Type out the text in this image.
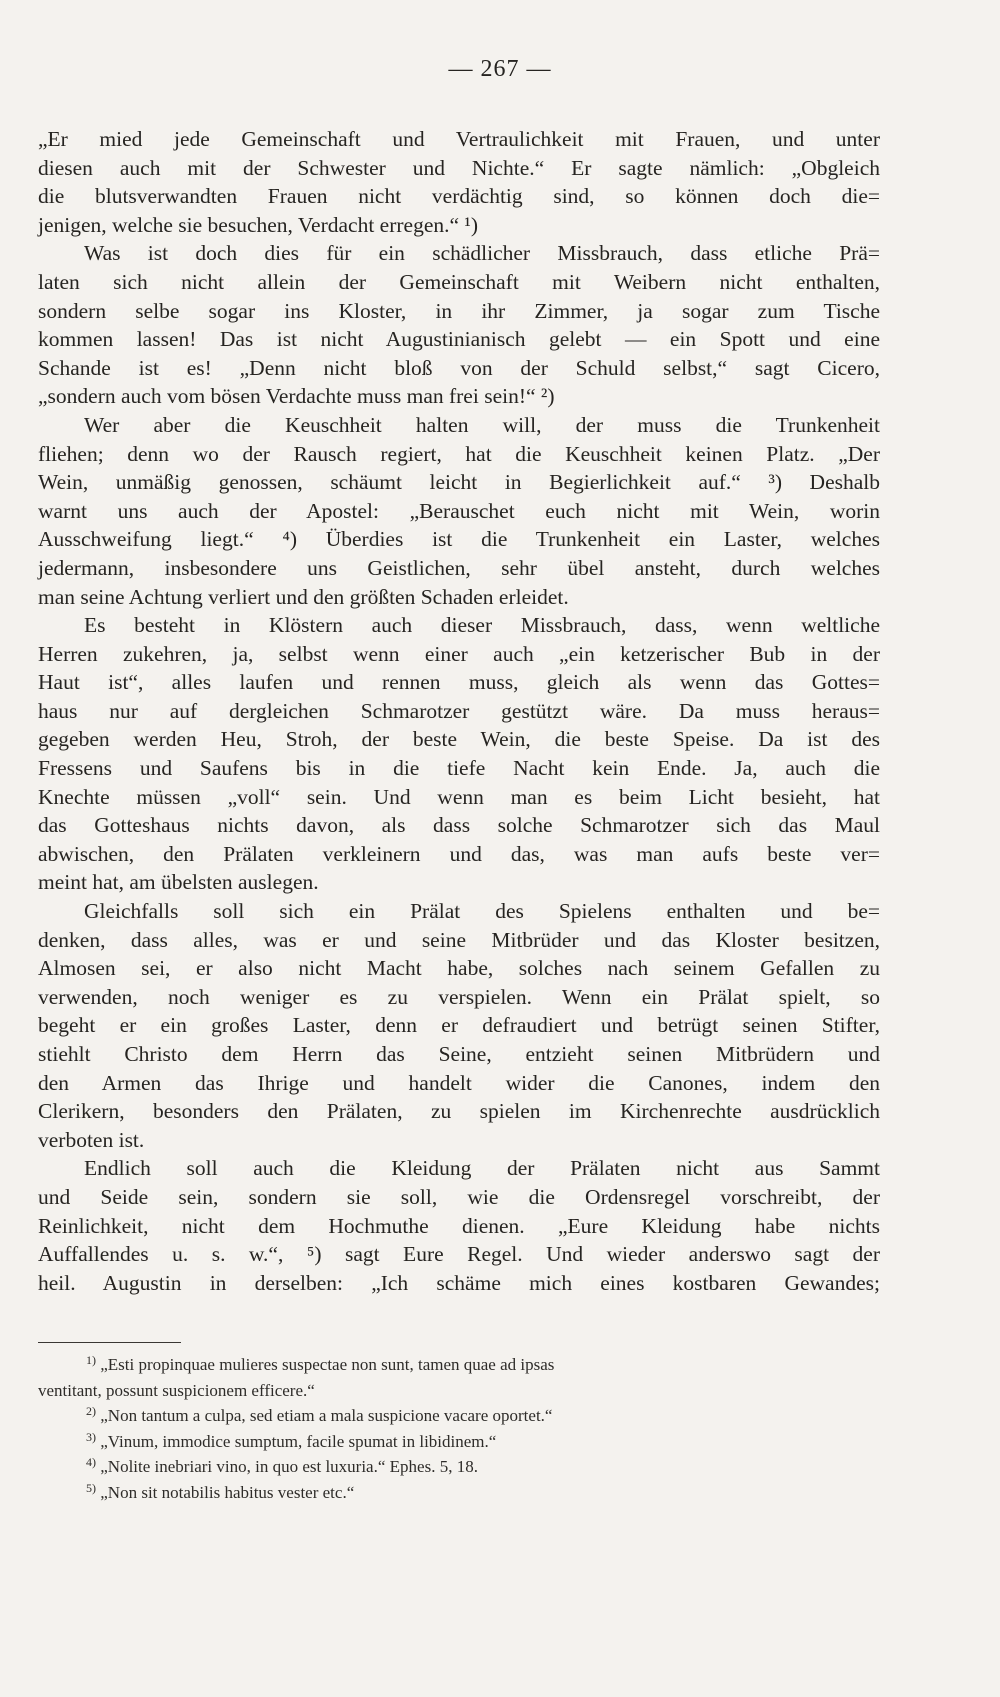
— 267 —
„Er mied jede Gemeinschaft und Vertraulichkeit mit Frauen, und unter
diesen auch mit der Schwester und Nichte.“ Er sagte nämlich: „Obgleich
die blutsverwandten Frauen nicht verdächtig sind, so können doch die=
jenigen, welche sie besuchen, Verdacht erregen.“ ¹)
Was ist doch dies für ein schädlicher Missbrauch, dass etliche Prä=
laten sich nicht allein der Gemeinschaft mit Weibern nicht enthalten,
sondern selbe sogar ins Kloster, in ihr Zimmer, ja sogar zum Tische
kommen lassen! Das ist nicht Augustinianisch gelebt — ein Spott und eine
Schande ist es! „Denn nicht bloß von der Schuld selbst,“ sagt Cicero,
„sondern auch vom bösen Verdachte muss man frei sein!“ ²)
Wer aber die Keuschheit halten will, der muss die Trunkenheit
fliehen; denn wo der Rausch regiert, hat die Keuschheit keinen Platz. „Der
Wein, unmäßig genossen, schäumt leicht in Begierlichkeit auf.“ ³) Deshalb
warnt uns auch der Apostel: „Berauschet euch nicht mit Wein, worin
Ausschweifung liegt.“ ⁴) Überdies ist die Trunkenheit ein Laster, welches
jedermann, insbesondere uns Geistlichen, sehr übel ansteht, durch welches
man seine Achtung verliert und den größten Schaden erleidet.
Es besteht in Klöstern auch dieser Missbrauch, dass, wenn weltliche
Herren zukehren, ja, selbst wenn einer auch „ein ketzerischer Bub in der
Haut ist“, alles laufen und rennen muss, gleich als wenn das Gottes=
haus nur auf dergleichen Schmarotzer gestützt wäre. Da muss heraus=
gegeben werden Heu, Stroh, der beste Wein, die beste Speise. Da ist des
Fressens und Saufens bis in die tiefe Nacht kein Ende. Ja, auch die
Knechte müssen „voll“ sein. Und wenn man es beim Licht besieht, hat
das Gotteshaus nichts davon, als dass solche Schmarotzer sich das Maul
abwischen, den Prälaten verkleinern und das, was man aufs beste ver=
meint hat, am übelsten auslegen.
Gleichfalls soll sich ein Prälat des Spielens enthalten und be=
denken, dass alles, was er und seine Mitbrüder und das Kloster besitzen,
Almosen sei, er also nicht Macht habe, solches nach seinem Gefallen zu
verwenden, noch weniger es zu verspielen. Wenn ein Prälat spielt, so
begeht er ein großes Laster, denn er defraudiert und betrügt seinen Stifter,
stiehlt Christo dem Herrn das Seine, entzieht seinen Mitbrüdern und
den Armen das Ihrige und handelt wider die Canones, indem den
Clerikern, besonders den Prälaten, zu spielen im Kirchenrechte ausdrücklich
verboten ist.
Endlich soll auch die Kleidung der Prälaten nicht aus Sammt
und Seide sein, sondern sie soll, wie die Ordensregel vorschreibt, der
Reinlichkeit, nicht dem Hochmuthe dienen. „Eure Kleidung habe nichts
Auffallendes u. s. w.“, ⁵) sagt Eure Regel. Und wieder anderswo sagt der
heil. Augustin in derselben: „Ich schäme mich eines kostbaren Gewandes;
1) „Esti propinquae mulieres suspectae non sunt, tamen quae ad ipsas
ventitant, possunt suspicionem efficere.“
2) „Non tantum a culpa, sed etiam a mala suspicione vacare oportet.“
3) „Vinum, immodice sumptum, facile spumat in libidinem.“
4) „Nolite inebriari vino, in quo est luxuria.“ Ephes. 5, 18.
5) „Non sit notabilis habitus vester etc.“
